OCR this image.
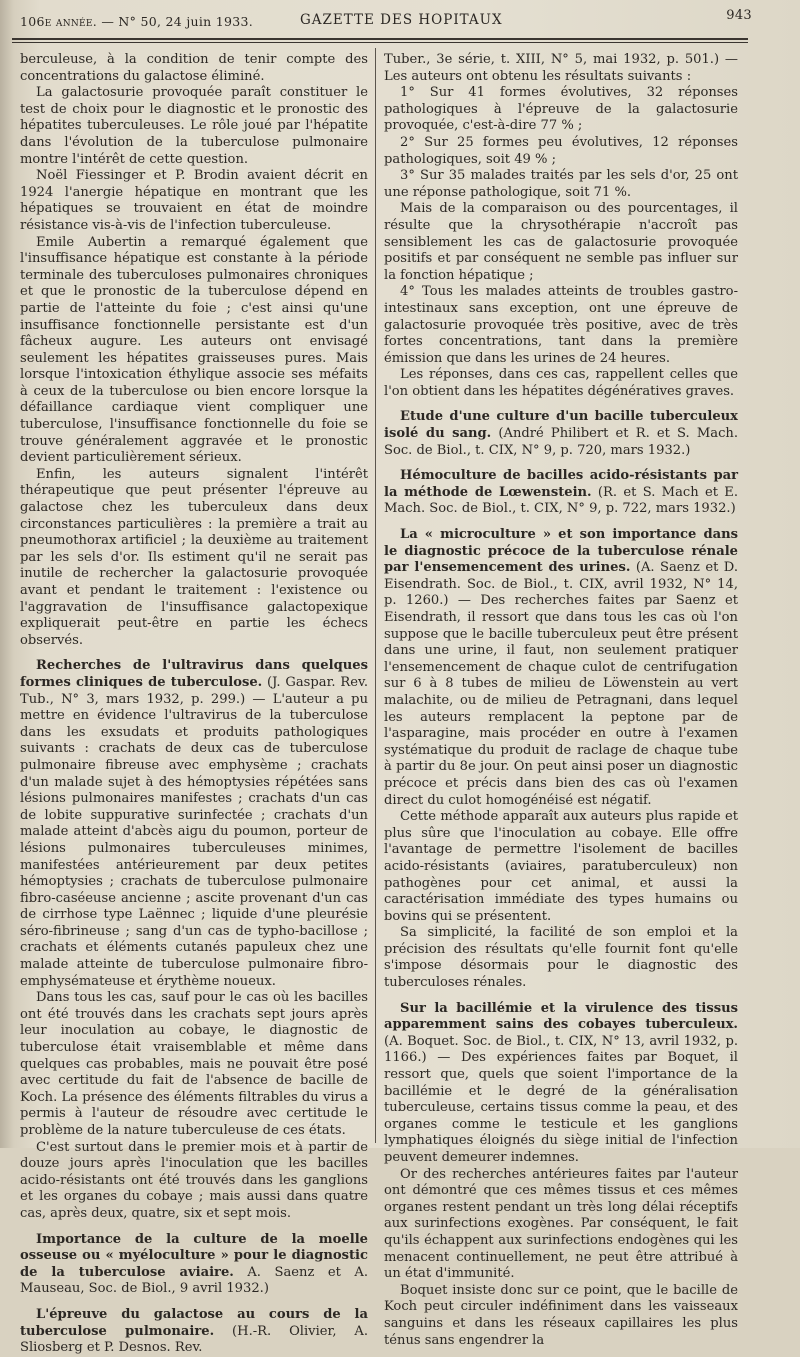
106e année. — N° 50, 24 juin 1933.	GAZETTE DES HOPITAUX	943

berculeuse, à la condition de tenir compte des concentrations du galactose éliminé.

La galactosurie provoquée paraît constituer le test de choix pour le diagnostic et le pronostic des hépatites tuberculeuses. Le rôle joué par l'hépatite dans l'évolution de la tuberculose pulmonaire montre l'intérêt de cette question.

Noël Fiessinger et P. Brodin avaient décrit en 1924 l'anergie hépatique en montrant que les hépatiques se trouvaient en état de moindre résistance vis-à-vis de l'infection tuberculeuse.

Emile Aubertin a remarqué également que l'insuffisance hépatique est constante à la période terminale des tuberculoses pulmonaires chroniques et que le pronostic de la tuberculose dépend en partie de l'atteinte du foie ; c'est ainsi qu'une insuffisance fonctionnelle persistante est d'un fâcheux augure. Les auteurs ont envisagé seulement les hépatites graisseuses pures. Mais lorsque l'intoxication éthylique associe ses méfaits à ceux de la tuberculose ou bien encore lorsque la défaillance cardiaque vient compliquer une tuberculose, l'insuffisance fonctionnelle du foie se trouve généralement aggravée et le pronostic devient particulièrement sérieux.

Enfin, les auteurs signalent l'intérêt thérapeutique que peut présenter l'épreuve au galactose chez les tuberculeux dans deux circonstances particulières : la première a trait au pneumothorax artificiel ; la deuxième au traitement par les sels d'or. Ils estiment qu'il ne serait pas inutile de rechercher la galactosurie provoquée avant et pendant le traitement : l'existence ou l'aggravation de l'insuffisance galactopexique expliquerait peut-être en partie les échecs observés.

Recherches de l'ultravirus dans quelques formes cliniques de tuberculose. (J. Gaspar. Rev. Tub., N° 3, mars 1932, p. 299.) — L'auteur a pu mettre en évidence l'ultravirus de la tuberculose dans les exsudats et produits pathologiques suivants : crachats de deux cas de tuberculose pulmonaire fibreuse avec emphysème ; crachats d'un malade sujet à des hémoptysies répétées sans lésions pulmonaires manifestes ; crachats d'un cas de lobite suppurative surinfectée ; crachats d'un malade atteint d'abcès aigu du poumon, porteur de lésions pulmonaires tuberculeuses minimes, manifestées antérieurement par deux petites hémoptysies ; crachats de tuberculose pulmonaire fibro-caséeuse ancienne ; ascite provenant d'un cas de cirrhose type Laënnec ; liquide d'une pleurésie séro-fibrineuse ; sang d'un cas de typho-bacillose ; crachats et éléments cutanés papuleux chez une malade atteinte de tuberculose pulmonaire fibro-emphysémateuse et érythème noueux.

Dans tous les cas, sauf pour le cas où les bacilles ont été trouvés dans les crachats sept jours après leur inoculation au cobaye, le diagnostic de tuberculose était vraisemblable et même dans quelques cas probables, mais ne pouvait être posé avec certitude du fait de l'absence de bacille de Koch. La présence des éléments filtrables du virus a permis à l'auteur de résoudre avec certitude le problème de la nature tuberculeuse de ces états.

C'est surtout dans le premier mois et à partir de douze jours après l'inoculation que les bacilles acido-résistants ont été trouvés dans les ganglions et les organes du cobaye ; mais aussi dans quatre cas, après deux, quatre, six et sept mois.

Importance de la culture de la moelle osseuse ou « myéloculture » pour le diagnostic de la tuberculose aviaire. A. Saenz et A. Mauseau, Soc. de Biol., 9 avril 1932.)

L'épreuve du galactose au cours de la tuberculose pulmonaire. (H.-R. Olivier, A. Sliosberg et P. Desnos. Rev.

Tuber., 3e série, t. XIII, N° 5, mai 1932, p. 501.) — Les auteurs ont obtenu les résultats suivants :

1° Sur 41 formes évolutives, 32 réponses pathologiques à l'épreuve de la galactosurie provoquée, c'est-à-dire 77 % ;

2° Sur 25 formes peu évolutives, 12 réponses pathologiques, soit 49 % ;

3° Sur 35 malades traités par les sels d'or, 25 ont une réponse pathologique, soit 71 %.

Mais de la comparaison ou des pourcentages, il résulte que la chrysothérapie n'accroît pas sensiblement les cas de galactosurie provoquée positifs et par conséquent ne semble pas influer sur la fonction hépatique ;

4° Tous les malades atteints de troubles gastro-intestinaux sans exception, ont une épreuve de galactosurie provoquée très positive, avec de très fortes concentrations, tant dans la première émission que dans les urines de 24 heures.

Les réponses, dans ces cas, rappellent celles que l'on obtient dans les hépatites dégénératives graves.

Etude d'une culture d'un bacille tuberculeux isolé du sang. (André Philibert et R. et S. Mach. Soc. de Biol., t. CIX, N° 9, p. 720, mars 1932.)

Hémoculture de bacilles acido-résistants par la méthode de Lœwenstein. (R. et S. Mach et E. Mach. Soc. de Biol., t. CIX, N° 9, p. 722, mars 1932.)

La « microculture » et son importance dans le diagnostic précoce de la tuberculose rénale par l'ensemencement des urines. (A. Saenz et D. Eisendrath. Soc. de Biol., t. CIX, avril 1932, N° 14, p. 1260.) — Des recherches faites par Saenz et Eisendrath, il ressort que dans tous les cas où l'on suppose que le bacille tuberculeux peut être présent dans une urine, il faut, non seulement pratiquer l'ensemencement de chaque culot de centrifugation sur 6 à 8 tubes de milieu de Löwenstein au vert malachite, ou de milieu de Petragnani, dans lequel les auteurs remplacent la peptone par de l'asparagine, mais procéder en outre à l'examen systématique du produit de raclage de chaque tube à partir du 8e jour. On peut ainsi poser un diagnostic précoce et précis dans bien des cas où l'examen direct du culot homogénéisé est négatif.

Cette méthode apparaît aux auteurs plus rapide et plus sûre que l'inoculation au cobaye. Elle offre l'avantage de permettre l'isolement de bacilles acido-résistants (aviaires, paratuberculeux) non pathogènes pour cet animal, et aussi la caractérisation immédiate des types humains ou bovins qui se présentent.

Sa simplicité, la facilité de son emploi et la précision des résultats qu'elle fournit font qu'elle s'impose désormais pour le diagnostic des tuberculoses rénales.

Sur la bacillémie et la virulence des tissus apparemment sains des cobayes tuberculeux. (A. Boquet. Soc. de Biol., t. CIX, N° 13, avril 1932, p. 1166.) — Des expériences faites par Boquet, il ressort que, quels que soient l'importance de la bacillémie et le degré de la généralisation tuberculeuse, certains tissus comme la peau, et des organes comme le testicule et les ganglions lymphatiques éloignés du siège initial de l'infection peuvent demeurer indemnes.

Or des recherches antérieures faites par l'auteur ont démontré que ces mêmes tissus et ces mêmes organes restent pendant un très long délai réceptifs aux surinfections exogènes. Par conséquent, le fait qu'ils échappent aux surinfections endogènes qui les menacent continuellement, ne peut être attribué à un état d'immunité.

Boquet insiste donc sur ce point, que le bacille de Koch peut circuler indéfiniment dans les vaisseaux sanguins et dans les réseaux capillaires les plus ténus sans engendrer la
